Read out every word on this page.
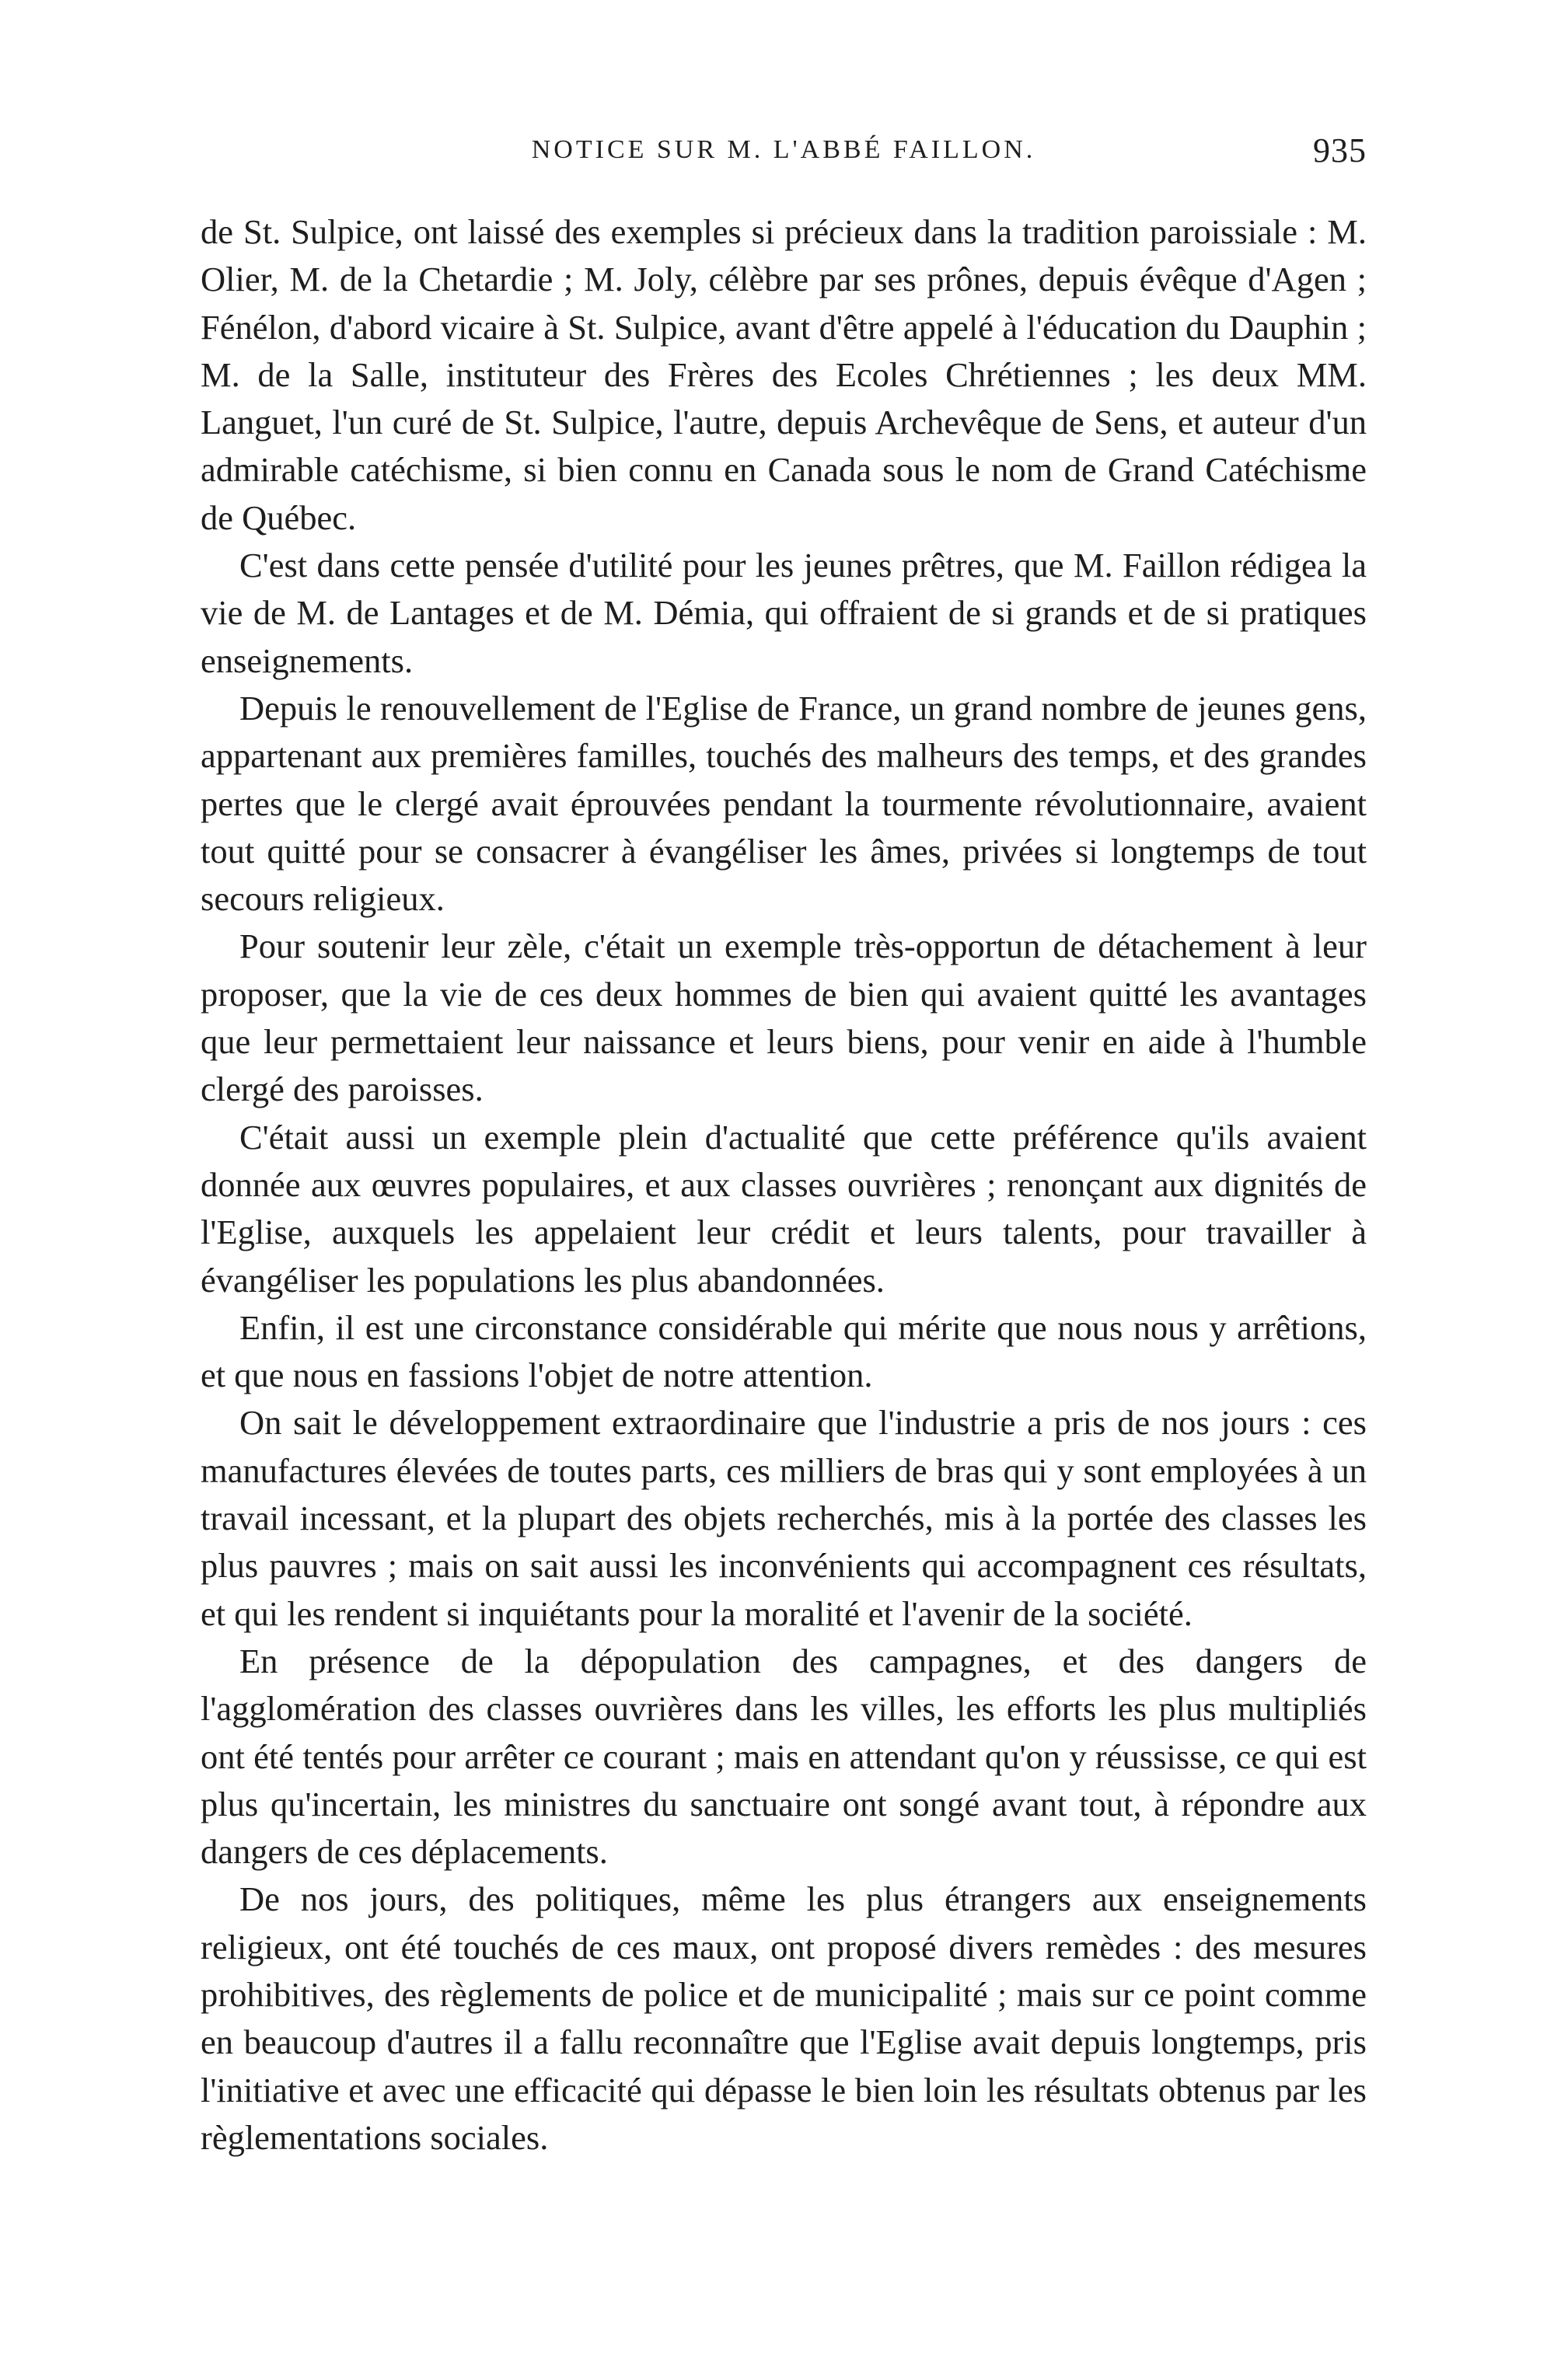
NOTICE SUR M. L'ABBÉ FAILLON.	935

de St. Sulpice, ont laissé des exemples si précieux dans la tradition paroissiale : M. Olier, M. de la Chetardie ; M. Joly, célèbre par ses prônes, depuis évêque d'Agen ; Fénélon, d'abord vicaire à St. Sulpice, avant d'être appelé à l'éducation du Dauphin ; M. de la Salle, instituteur des Frères des Ecoles Chrétiennes ; les deux MM. Languet, l'un curé de St. Sulpice, l'autre, depuis Archevêque de Sens, et auteur d'un admirable catéchisme, si bien connu en Canada sous le nom de Grand Catéchisme de Québec.

C'est dans cette pensée d'utilité pour les jeunes prêtres, que M. Faillon rédigea la vie de M. de Lantages et de M. Démia, qui offraient de si grands et de si pratiques enseignements.

Depuis le renouvellement de l'Eglise de France, un grand nombre de jeunes gens, appartenant aux premières familles, touchés des malheurs des temps, et des grandes pertes que le clergé avait éprouvées pendant la tourmente révolutionnaire, avaient tout quitté pour se consacrer à évangéliser les âmes, privées si longtemps de tout secours religieux.

Pour soutenir leur zèle, c'était un exemple très-opportun de détachement à leur proposer, que la vie de ces deux hommes de bien qui avaient quitté les avantages que leur permettaient leur naissance et leurs biens, pour venir en aide à l'humble clergé des paroisses.

C'était aussi un exemple plein d'actualité que cette préférence qu'ils avaient donnée aux œuvres populaires, et aux classes ouvrières ; renonçant aux dignités de l'Eglise, auxquels les appelaient leur crédit et leurs talents, pour travailler à évangéliser les populations les plus abandonnées.

Enfin, il est une circonstance considérable qui mérite que nous nous y arrêtions, et que nous en fassions l'objet de notre attention.

On sait le développement extraordinaire que l'industrie a pris de nos jours : ces manufactures élevées de toutes parts, ces milliers de bras qui y sont employées à un travail incessant, et la plupart des objets recherchés, mis à la portée des classes les plus pauvres ; mais on sait aussi les inconvénients qui accompagnent ces résultats, et qui les rendent si inquiétants pour la moralité et l'avenir de la société.

En présence de la dépopulation des campagnes, et des dangers de l'agglomération des classes ouvrières dans les villes, les efforts les plus multipliés ont été tentés pour arrêter ce courant ; mais en attendant qu'on y réussisse, ce qui est plus qu'incertain, les ministres du sanctuaire ont songé avant tout, à répondre aux dangers de ces déplacements.

De nos jours, des politiques, même les plus étrangers aux enseignements religieux, ont été touchés de ces maux, ont proposé divers remèdes : des mesures prohibitives, des règlements de police et de municipalité ; mais sur ce point comme en beaucoup d'autres il a fallu reconnaître que l'Eglise avait depuis longtemps, pris l'initiative et avec une efficacité qui dépasse le bien loin les résultats obtenus par les règlementations sociales.
